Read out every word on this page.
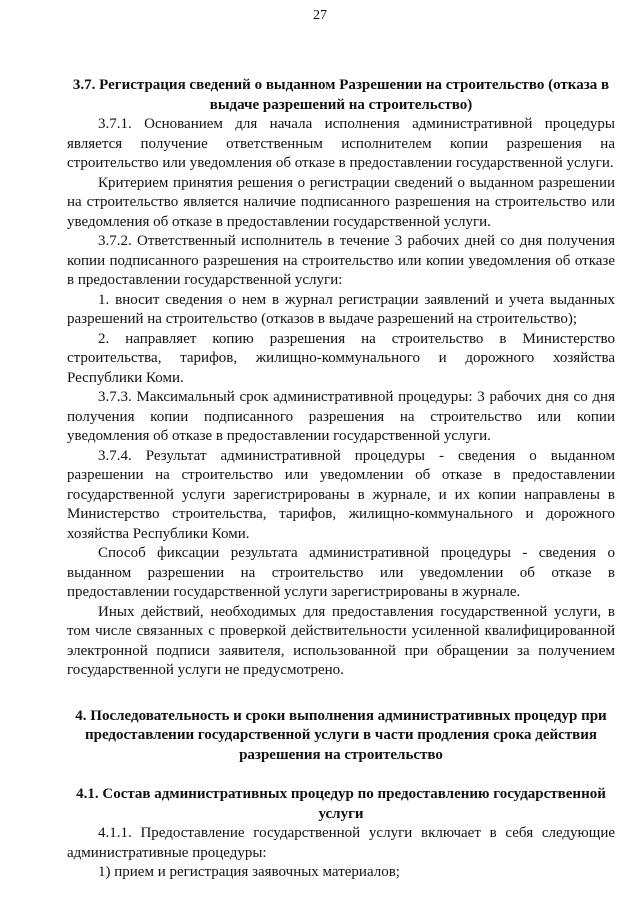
27
3.7. Регистрация сведений о выданном Разрешении на строительство (отказа в выдаче разрешений на строительство)

3.7.1. Основанием для начала исполнения административной процедуры является получение ответственным исполнителем копии разрешения на строительство или уведомления об отказе в предоставлении государственной услуги.

Критерием принятия решения о регистрации сведений о выданном разрешении на строительство является наличие подписанного разрешения на строительство или уведомления об отказе в предоставлении государственной услуги.

3.7.2. Ответственный исполнитель в течение 3 рабочих дней со дня получения копии подписанного разрешения на строительство или копии уведомления об отказе в предоставлении государственной услуги:

1. вносит сведения о нем в журнал регистрации заявлений и учета выданных разрешений на строительство (отказов в выдаче разрешений на строительство);

2. направляет копию разрешения на строительство в Министерство строительства, тарифов, жилищно-коммунального и дорожного хозяйства Республики Коми.

3.7.3. Максимальный срок административной процедуры: 3 рабочих дня со дня получения копии подписанного разрешения на строительство или копии уведомления об отказе в предоставлении государственной услуги.

3.7.4. Результат административной процедуры - сведения о выданном разрешении на строительство или уведомлении об отказе в предоставлении государственной услуги зарегистрированы в журнале, и их копии направлены в Министерство строительства, тарифов, жилищно-коммунального и дорожного хозяйства Республики Коми.

Способ фиксации результата административной процедуры - сведения о выданном разрешении на строительство или уведомлении об отказе в предоставлении государственной услуги зарегистрированы в журнале.

Иных действий, необходимых для предоставления государственной услуги, в том числе связанных с проверкой действительности усиленной квалифицированной электронной подписи заявителя, использованной при обращении за получением государственной услуги не предусмотрено.

4. Последовательность и сроки выполнения административных процедур при предоставлении государственной услуги в части продления срока действия разрешения на строительство
4.1. Состав административных процедур по предоставлению государственной услуги

4.1.1. Предоставление государственной услуги включает в себя следующие административные процедуры:

1) прием и регистрация заявочных материалов;
